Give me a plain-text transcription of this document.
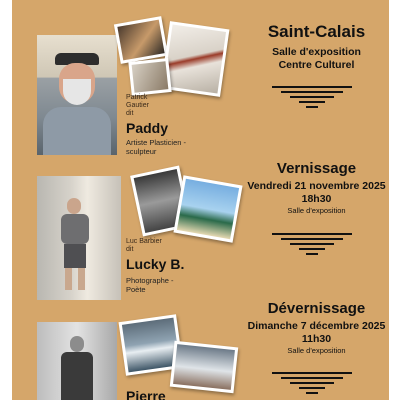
Patrick
Gautier
dit
Paddy
Artiste Plasticien -
sculpteur
Luc Barbier
dit
Lucky B.
Photographe -
Poète
Pierre
Saint-Calais
Salle d'exposition
Centre Culturel
Vernissage
Vendredi 21 novembre 2025
18h30
Salle d'exposition
Dévernissage
Dimanche 7 décembre 2025
11h30
Salle d'exposition
